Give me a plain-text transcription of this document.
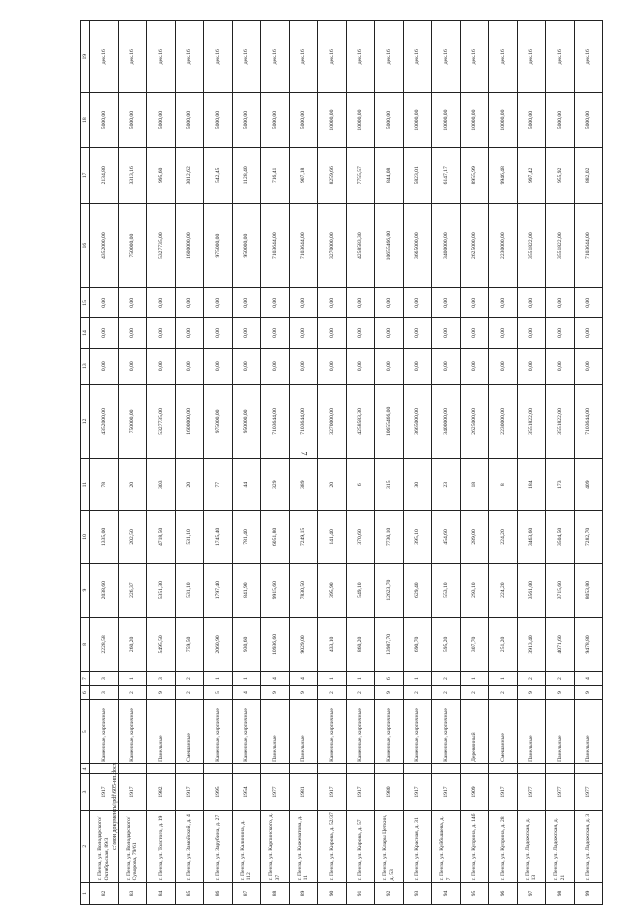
7
1	2	3	4	5	6	7	8	9	10	11	12	13	14	15	16	17	18	19
82	г. Пенза, ул. Володарского/ Октябрьская, 89/3	1917		Каменные, кирпичные	3	3	2228,58	2038,60	1335,00	78	4352000,00	0,00	0,00	0,00	4352000,00	2134,80	5000,00	дек.16
83	г. Пенза, ул. Володарского/ Суворова, 79/61	1917		Каменные, кирпичные	2	1	260,20	226,37	202,50	20	750000,00	0,00	0,00	0,00	750000,00	3313,16	5000,00	дек.16
84	г. Пенза, ул. Толстого, д. 19	1982		Панельные	9	3	5495,50	5351,30	4718,50	303	5327735,00	0,00	0,00	0,00	5327735,00	995,60	5000,00	дек.16
85	г. Пенза, ул. Замойской, д. 4	1917		Смешанные	2	2	759,50	531,10	531,10	20	1600000,00	0,00	0,00	0,00	1600000,00	3012,62	5000,00	дек.16
86	г. Пенза, ул. Зарубина, д. 27	1995		Каменные, кирпичные	5	1	2060,90	1797,40	1745,40	77	975000,00	0,00	0,00	0,00	975000,00	542,45	5000,00	дек.16
87	г. Пенза, ул. Калинина, д. 112	1954		Каменные, кирпичные	4	1	930,60	841,90	781,40	44	950000,00	0,00	0,00	0,00	950000,00	1128,40	5000,00	дек.16
88	г. Пенза, ул. Карпинского, д. 37	1977		Панельные	9	4	10936,60	9915,60	6051,80	329	7103644,00	0,00	0,00	0,00	7103644,00	716,41	5000,00	дек.16
89	г. Пенза, ул. Кижеватова, д. 11	1981		Панельные	9	4	9029,00	7830,50	7249,15	389	7103644,00	0,00	0,00	0,00	7103644,00	907,18	5000,00	дек.16
90	г. Пенза, ул. Кирова, д. 52/37	1917		Каменные, кирпичные	2	1	433,10	395,90	141,40	20	3270000,00	0,00	0,00	0,00	3270000,00	8259,66	10000,00	дек.16
91	г. Пенза, ул. Кирова, д. 57	1917		Каменные, кирпичные	2	1	860,20	549,10	370,60	6	4258583,30	0,00	0,00	0,00	4258583,30	7755,57	10000,00	дек.16
92	г. Пенза, ул. Клары Цеткин, д. 53	1980		Каменные, кирпичные	9	6	13987,70	12623,70	7730,10	315	10655466,00	0,00	0,00	0,00	10655466,00	844,08	5000,00	дек.16
93	г. Пенза, ул. Красная, д. 31	1917		Каменные, кирпичные	2	1	690,70	629,40	395,10	30	3665000,00	0,00	0,00	0,00	3665000,00	5823,01	10000,00	дек.16
94	г. Пенза, ул. Куйбышева, д. 7	1917		Каменные, кирпичные	2	2	595,20	553,10	454,60	23	3400000,00	0,00	0,00	0,00	3400000,00	6147,17	10000,00	дек.16
95	г. Пенза, ул. Куприна, д. 14б	1909		Деревянный	2	1	307,70	293,10	289,00	18	2625000,00	0,00	0,00	0,00	2625000,00	8955,99	10000,00	дек.16
96	г. Пенза, ул. Куприна, д. 28	1917		Смешанные	2	1	251,20	224,20	224,20	8	2230000,00	0,00	0,00	0,00	2230000,00	9946,48	10000,00	дек.16
97	г. Пенза, ул. Ладожская, д. 13	1977		Панельные	9	2	3913,40	3561,00	3463,60	184	3551822,00	0,00	0,00	0,00	3551822,00	997,42	5000,00	дек.16
98	г. Пенза, ул. Ладожская, д. 21	1977		Панельные	9	2	4071,60	3715,60	3504,50	173	3551822,00	0,00	0,00	0,00	3551822,00	955,92	5000,00	дек.16
99	г. Пенза, ул. Ладожская, д. 3	1977		Панельные	9	4	9478,80	8053,80	7282,70	409	7103644,00	0,00	0,00	0,00	7103644,00	882,02	5000,00	дек.16
c:\мои документы\pdf\605-нп.docx
